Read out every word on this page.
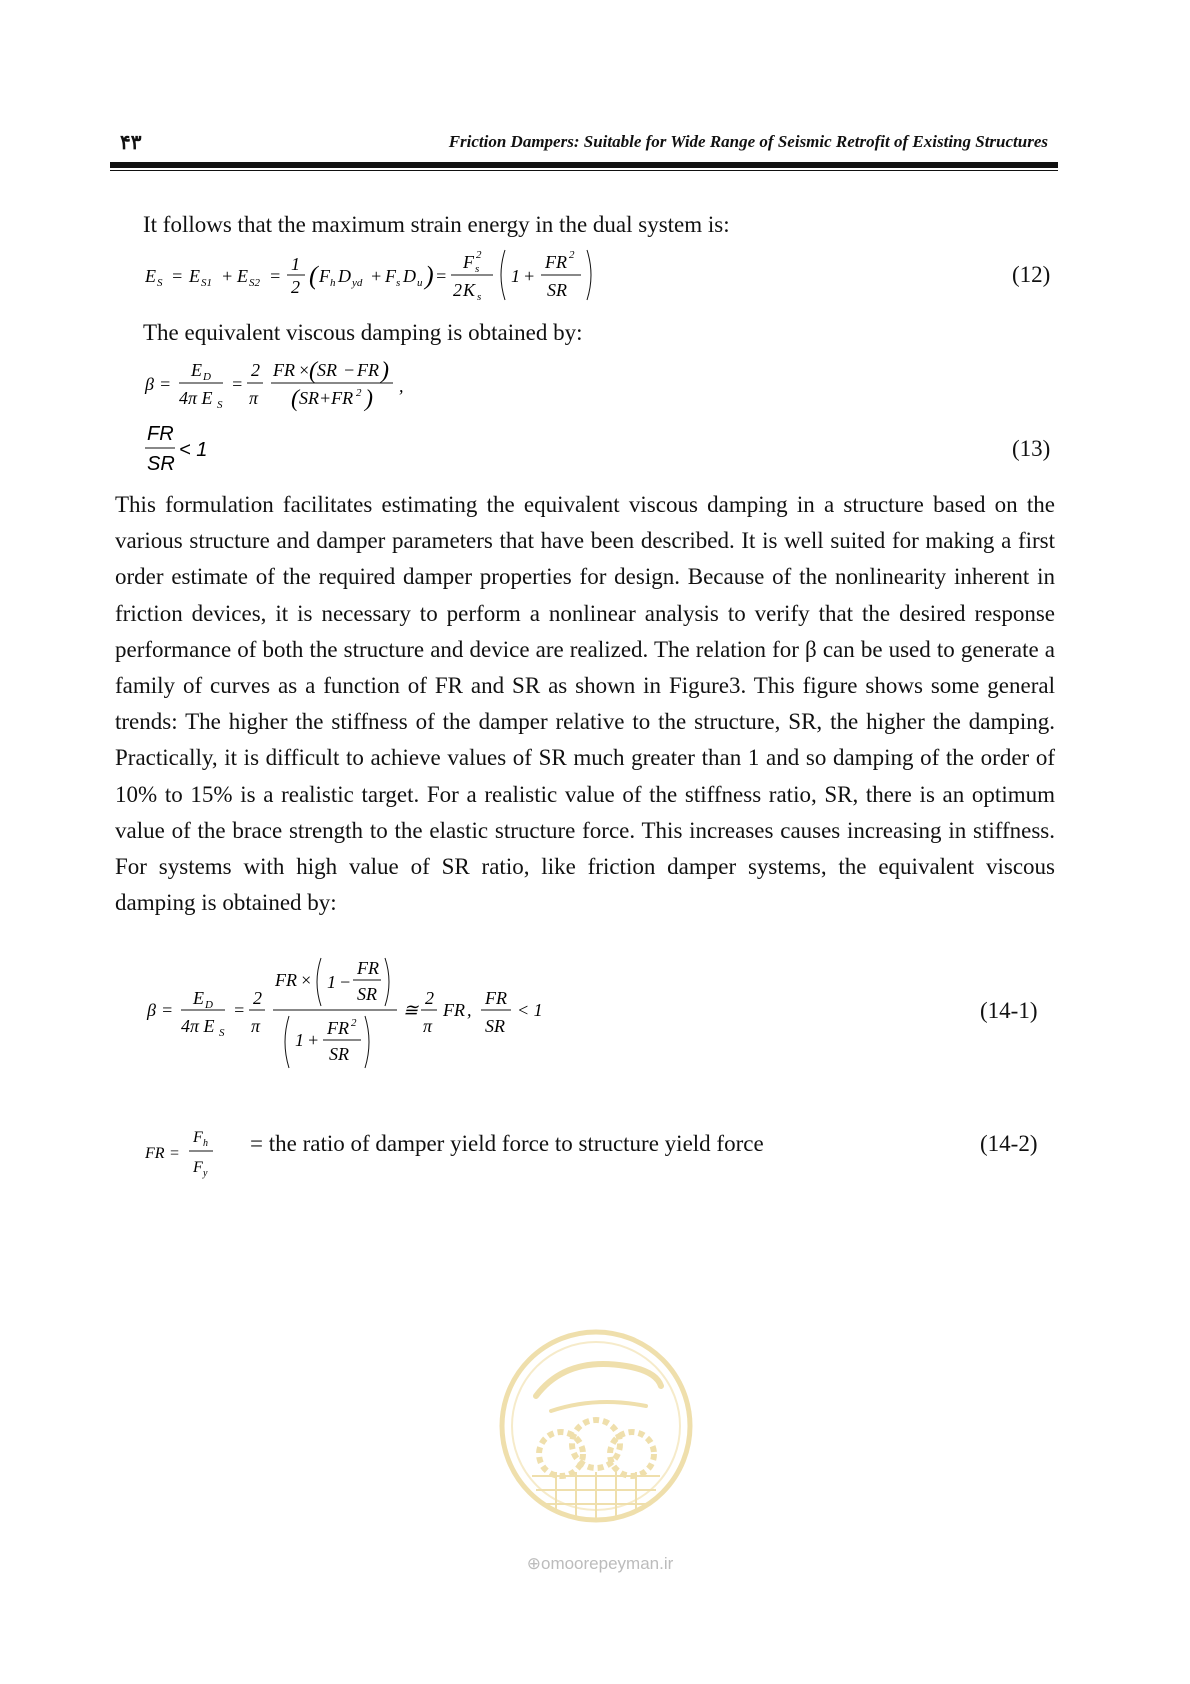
۴۳	Friction Dampers: Suitable for Wide Range of Seismic Retrofit of Existing Structures
It follows that the maximum strain energy in the dual system is:
E S = E S1 + E S2 =
1
2 ( F h D yd + F s D u ) =
F s
2
2 K s
1 +
FR 2
SR
(12)
The equivalent viscous damping is obtained by:
β =
E D
4π E S
=
2
π
FR ×
( SR − FR )
( SR+FR 2 ) ,
FR
SR
< 1	(13)
This formulation facilitates estimating the equivalent viscous damping in a structure based on the various structure and damper parameters that have been described. It is well suited for making a first order estimate of the required damper properties for design. Because of the nonlinearity inherent in friction devices, it is necessary to perform a nonlinear analysis to verify that the desired response performance of both the structure and device are realized. The relation for β can be used to generate a family of curves as a function of FR and SR as shown in Figure3. This figure shows some general trends: The higher the stiffness of the damper relative to the structure, SR, the higher the damping. Practically, it is difficult to achieve values of SR much greater than 1 and so damping of the order of 10% to 15% is a realistic target. For a realistic value of the stiffness ratio, SR, there is an optimum value of the brace strength to the elastic structure force. This increases causes increasing in stiffness. For systems with high value of SR ratio, like friction damper systems, the equivalent viscous damping is obtained by:
β =
E D
4π E S
=
2
π
FR × 1 −
FR
SR
1 +
FR 2
SR
≅
2
π
FR ,
FR
SR
< 1	(14-1)
FR =
F h
F y
= the ratio of damper yield force to structure yield force	(14-2)
⊕omoorepeyman.ir
